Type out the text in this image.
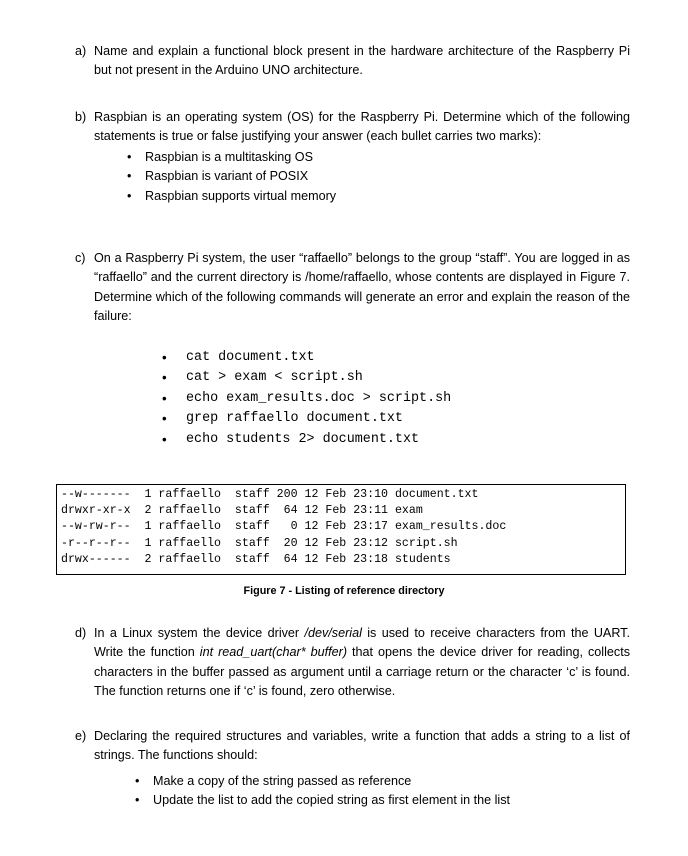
a) Name and explain a functional block present in the hardware architecture of the Raspberry Pi but not present in the Arduino UNO architecture.
b) Raspbian is an operating system (OS) for the Raspberry Pi. Determine which of the following statements is true or false justifying your answer (each bullet carries two marks):
• Raspbian is a multitasking OS
• Raspbian is variant of POSIX
• Raspbian supports virtual memory
c) On a Raspberry Pi system, the user “raffaello” belongs to the group “staff”. You are logged in as “raffaello” and the current directory is /home/raffaello, whose contents are displayed in Figure 7. Determine which of the following commands will generate an error and explain the reason of the failure:
• cat document.txt
• cat > exam < script.sh
• echo exam_results.doc > script.sh
• grep raffaello document.txt
• echo students 2> document.txt
--w-------  1 raffaello  staff 200 12 Feb 23:10 document.txt
drwxr-xr-x  2 raffaello  staff  64 12 Feb 23:11 exam
--w-rw-r--  1 raffaello  staff   0 12 Feb 23:17 exam_results.doc
-r--r--r--  1 raffaello  staff  20 12 Feb 23:12 script.sh
drwx------  2 raffaello  staff  64 12 Feb 23:18 students
Figure 7 - Listing of reference directory
d) In a Linux system the device driver /dev/serial is used to receive characters from the UART. Write the function int read_uart(char* buffer) that opens the device driver for reading, collects characters in the buffer passed as argument until a carriage return or the character ‘c’ is found. The function returns one if ‘c’ is found, zero otherwise.
e) Declaring the required structures and variables, write a function that adds a string to a list of strings. The functions should:
• Make a copy of the string passed as reference
• Update the list to add the copied string as first element in the list
